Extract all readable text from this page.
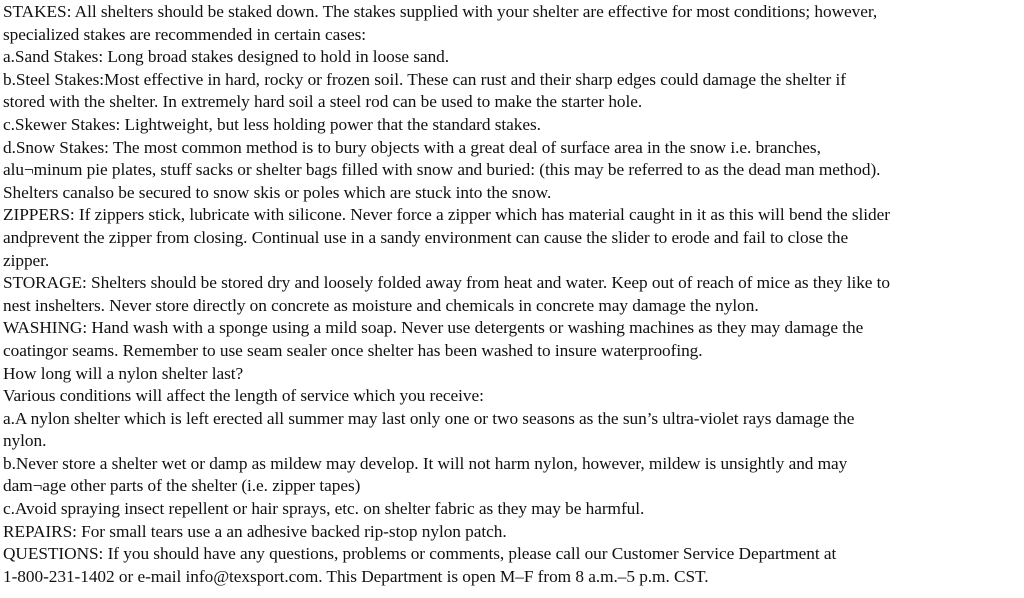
STAKES: All shelters should be staked down. The stakes supplied with your shelter are effective for most conditions; however,
specialized stakes are recommended in certain cases:
a.Sand Stakes: Long broad stakes designed to hold in loose sand.
b.Steel Stakes:Most effective in hard, rocky or frozen soil. These can rust and their sharp edges could damage the shelter if
stored with the shelter. In extremely hard soil a steel rod can be used to make the starter hole.
c.Skewer Stakes: Lightweight, but less holding power that the standard stakes.
d.Snow Stakes: The most common method is to bury objects with a great deal of surface area in the snow i.e. branches,
alu¬minum pie plates, stuff sacks or shelter bags filled with snow and buried: (this may be referred to as the dead man method).
Shelters canalso be secured to snow skis or poles which are stuck into the snow.
ZIPPERS: If zippers stick, lubricate with silicone. Never force a zipper which has material caught in it as this will bend the slider
andprevent the zipper from closing. Continual use in a sandy environment can cause the slider to erode and fail to close the
zipper.
STORAGE: Shelters should be stored dry and loosely folded away from heat and water. Keep out of reach of mice as they like to
nest inshelters. Never store directly on concrete as moisture and chemicals in concrete may damage the nylon.
WASHING: Hand wash with a sponge using a mild soap. Never use detergents or washing machines as they may damage the
coatingor seams. Remember to use seam sealer once shelter has been washed to insure waterproofing.
How long will a nylon shelter last?
Various conditions will affect the length of service which you receive:
a.A nylon shelter which is left erected all summer may last only one or two seasons as the sun’s ultra-violet rays damage the
nylon.
b.Never store a shelter wet or damp as mildew may develop. It will not harm nylon, however, mildew is unsightly and may
dam¬age other parts of the shelter (i.e. zipper tapes)
c.Avoid spraying insect repellent or hair sprays, etc. on shelter fabric as they may be harmful.
REPAIRS: For small tears use a an adhesive backed rip-stop nylon patch.
QUESTIONS: If you should have any questions, problems or comments, please call our Customer Service Department at
1-800-231-1402 or e-mail info@texsport.com. This Department is open M–F from 8 a.m.–5 p.m. CST.
